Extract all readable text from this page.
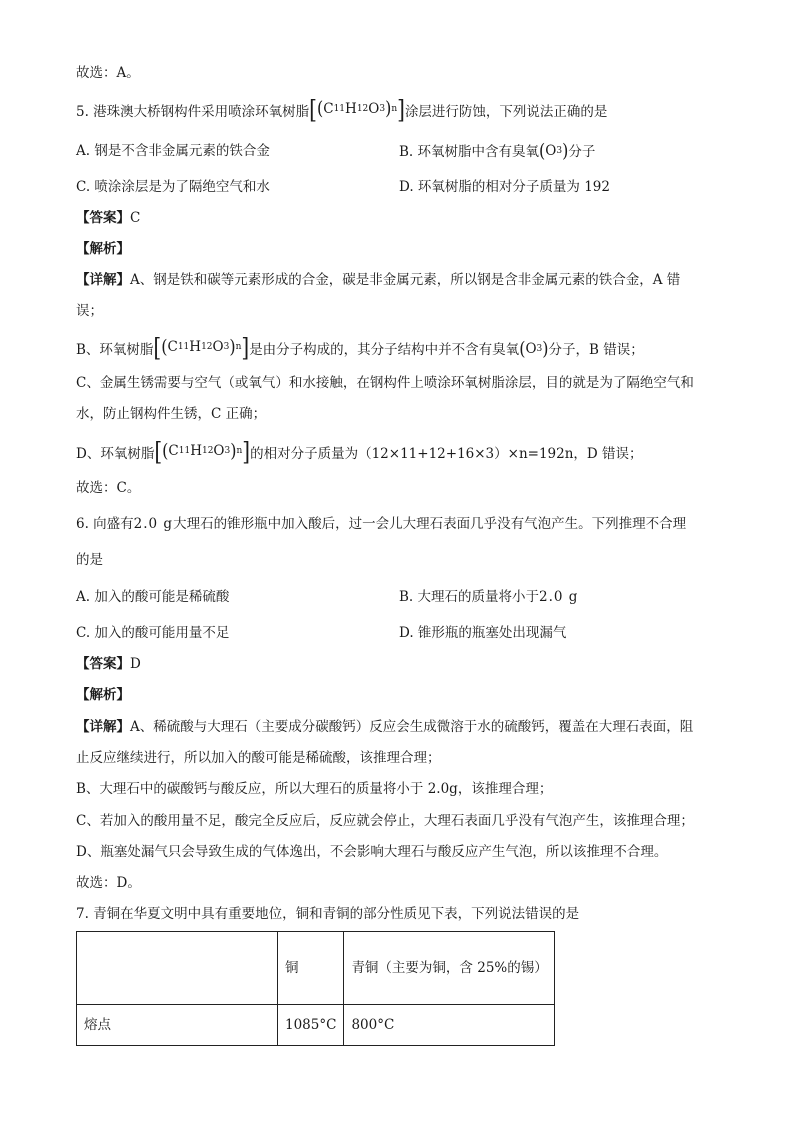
故选：A。
5. 港珠澳大桥钢构件采用喷涂环氧树脂 [ ( C 11 H 12 O 3 ) n ] 涂层进行防蚀，下列说法正确的是
A. 钢是不含非金属元素的铁合金	B. 环氧树脂中含有臭氧 ( O 3 ) 分子
C. 喷涂涂层是为了隔绝空气和水	D. 环氧树脂的相对分子质量为 192
【答案】C
【解析】
【详解】A、钢是铁和碳等元素形成的合金，碳是非金属元素，所以钢是含非金属元素的铁合金，A 错
误；
B、环氧树脂 [ ( C 11 H 12 O 3 ) n ] 是由分子构成的，其分子结构中并不含有臭氧 ( O 3 ) 分子，B 错误；
C、金属生锈需要与空气（或氧气）和水接触，在钢构件上喷涂环氧树脂涂层，目的就是为了隔绝空气和
水，防止钢构件生锈，C 正确；
D、环氧树脂 [ ( C 11 H 12 O 3 ) n ] 的相对分子质量为（12×11+12+16×3）×n=192n，D 错误；
故选：C。
6. 向盛有2.0 g大理石的锥形瓶中加入酸后，过一会儿大理石表面几乎没有气泡产生。下列推理不合理
的是
A. 加入的酸可能是稀硫酸	B. 大理石的质量将小于2.0 g
C. 加入的酸可能用量不足	D. 锥形瓶的瓶塞处出现漏气
【答案】D
【解析】
【详解】A、稀硫酸与大理石（主要成分碳酸钙）反应会生成微溶于水的硫酸钙，覆盖在大理石表面，阻
止反应继续进行，所以加入的酸可能是稀硫酸，该推理合理；
B、大理石中的碳酸钙与酸反应，所以大理石的质量将小于 2.0g，该推理合理；
C、若加入的酸用量不足，酸完全反应后，反应就会停止，大理石表面几乎没有气泡产生，该推理合理；
D、瓶塞处漏气只会导致生成的气体逸出，不会影响大理石与酸反应产生气泡，所以该推理不合理。
故选：D。
7. 青铜在华夏文明中具有重要地位，铜和青铜的部分性质见下表，下列说法错误的是
	铜	青铜（主要为铜，含 25%的锡）
熔点	1085°C	800°C
